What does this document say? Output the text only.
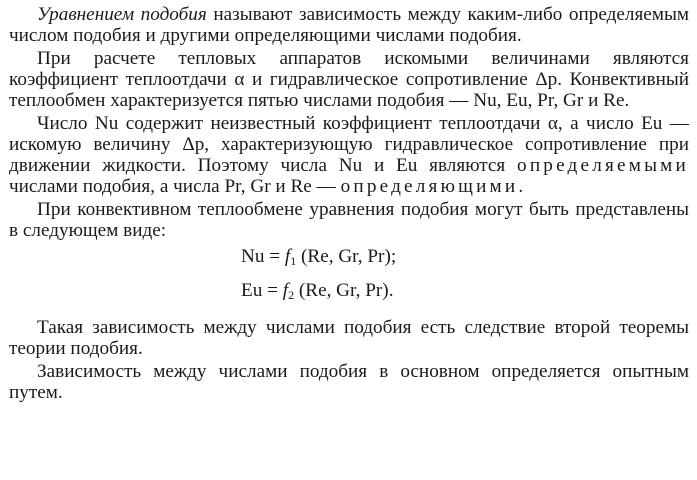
Уравнением подобия называют зависимость между каким-либо определяемым числом подобия и другими определяющими числами подобия.

При расчете тепловых аппаратов искомыми величинами являются коэффициент теплоотдачи α и гидравлическое сопротивление Δp. Конвективный теплообмен характеризуется пятью числами подобия — Nu, Eu, Pr, Gr и Re.

Число Nu содержит неизвестный коэффициент теплоотдачи α, а число Eu — искомую величину Δp, характеризующую гидравлическое сопротивление при движении жидкости. Поэтому числа Nu и Eu являются определяемыми числами подобия, а числа Pr, Gr и Re — определяющими.

При конвективном теплообмене уравнения подобия могут быть представлены в следующем виде:

$Nu = f_1$ (Re, Gr, Pr);
$Eu = f_2$ (Re, Gr, Pr).

Такая зависимость между числами подобия есть следствие второй теоремы теории подобия.

Зависимость между числами подобия в основном определяется опытным путем.
